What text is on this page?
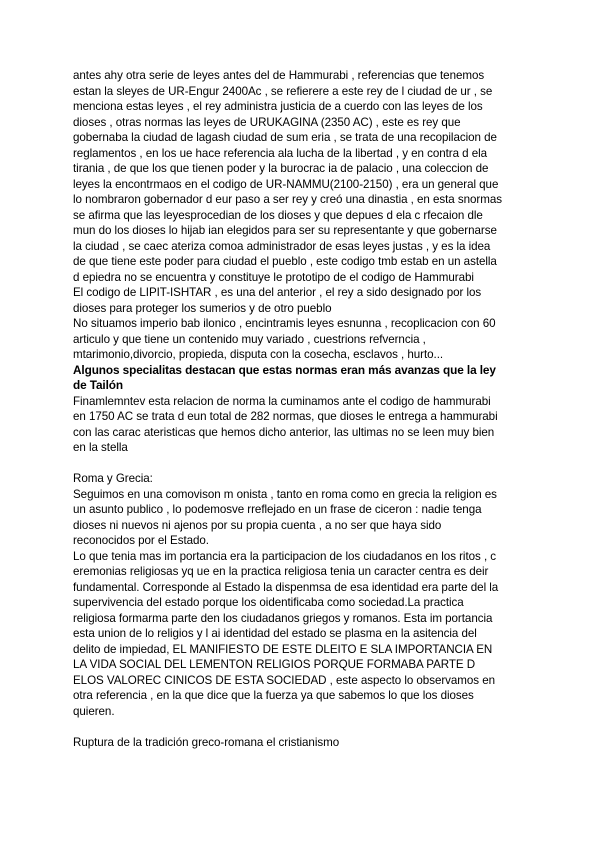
antes ahy otra serie de leyes antes del de Hammurabi , referencias que tenemos
estan la sleyes de UR-Engur 2400Ac , se refierere a este rey de l ciudad de ur , se
menciona estas leyes , el rey administra justicia de a cuerdo con las leyes de los
dioses , otras normas las leyes de URUKAGINA (2350 AC) , este es rey que
gobernaba la ciudad de lagash ciudad de sum eria , se trata de una recopilacion de
reglamentos , en los ue hace referencia ala lucha de la libertad , y en contra d ela
tirania , de que los que tienen poder y la burocrac ia de palacio , una coleccion de
leyes la encontrmaos en el codigo de UR-NAMMU(2100-2150) , era un general que
lo nombraron gobernador d eur paso a ser rey y creó una dinastia , en esta snormas
se afirma que las leyesprocedian de los dioses y que depues d ela c rfecaion dle
mun do los dioses lo hijab ian elegidos para ser su representante y que gobernarse
la ciudad , se caec ateriza comoa administrador de esas leyes justas , y es la idea
de que tiene este poder para ciudad el pueblo , este codigo tmb estab en un astella
d epiedra no se encuentra y constituye le prototipo de el codigo de Hammurabi
El codigo de LIPIT-ISHTAR , es una del anterior , el rey a sido designado por los
dioses para proteger los sumerios y de otro pueblo
No situamos imperio bab ilonico , encintramis leyes esnunna , recoplicacion con 60
articulo y que tiene un contenido muy variado , cuestrions refverncia ,
mtarimonio,divorcio, propieda, disputa con la cosecha, esclavos , hurto...
Algunos specialitas destacan que estas normas eran más avanzas que la ley
de Tailón
Finamlemntev esta relacion de norma la cuminamos ante el codigo de hammurabi
en 1750 AC se trata d eun total de 282 normas, que dioses le entrega a hammurabi
con las carac ateristicas que hemos dicho anterior, las ultimas no se leen muy bien
en la stella
Roma y Grecia:
Seguimos en una comovison m onista , tanto en roma como en grecia la religion es
un asunto publico , lo podemosve rreflejado en un frase de ciceron : nadie tenga
dioses ni nuevos ni ajenos por su propia cuenta , a no ser que haya sido
reconocidos por el Estado.
Lo que tenia mas im portancia era la participacion de los ciudadanos en los ritos , c
eremonias religiosas yq ue en la practica religiosa tenia un caracter centra es deir
fundamental. Corresponde al Estado la dispenmsa de esa identidad era parte del la
supervivencia del estado porque los oidentificaba como sociedad.La practica
religiosa formarma parte den los ciudadanos griegos y romanos. Esta im portancia
esta union de lo religios y l ai identidad del estado se plasma en la asitencia del
delito de impiedad, EL MANIFIESTO DE ESTE DLEITO E SLA IMPORTANCIA EN
LA VIDA SOCIAL DEL LEMENTON RELIGIOS PORQUE FORMABA PARTE D
ELOS VALOREC CINICOS DE ESTA SOCIEDAD , este aspecto lo observamos en
otra referencia , en la que dice que la fuerza ya que sabemos lo que los dioses
quieren.
Ruptura de la tradición greco-romana el cristianismo
